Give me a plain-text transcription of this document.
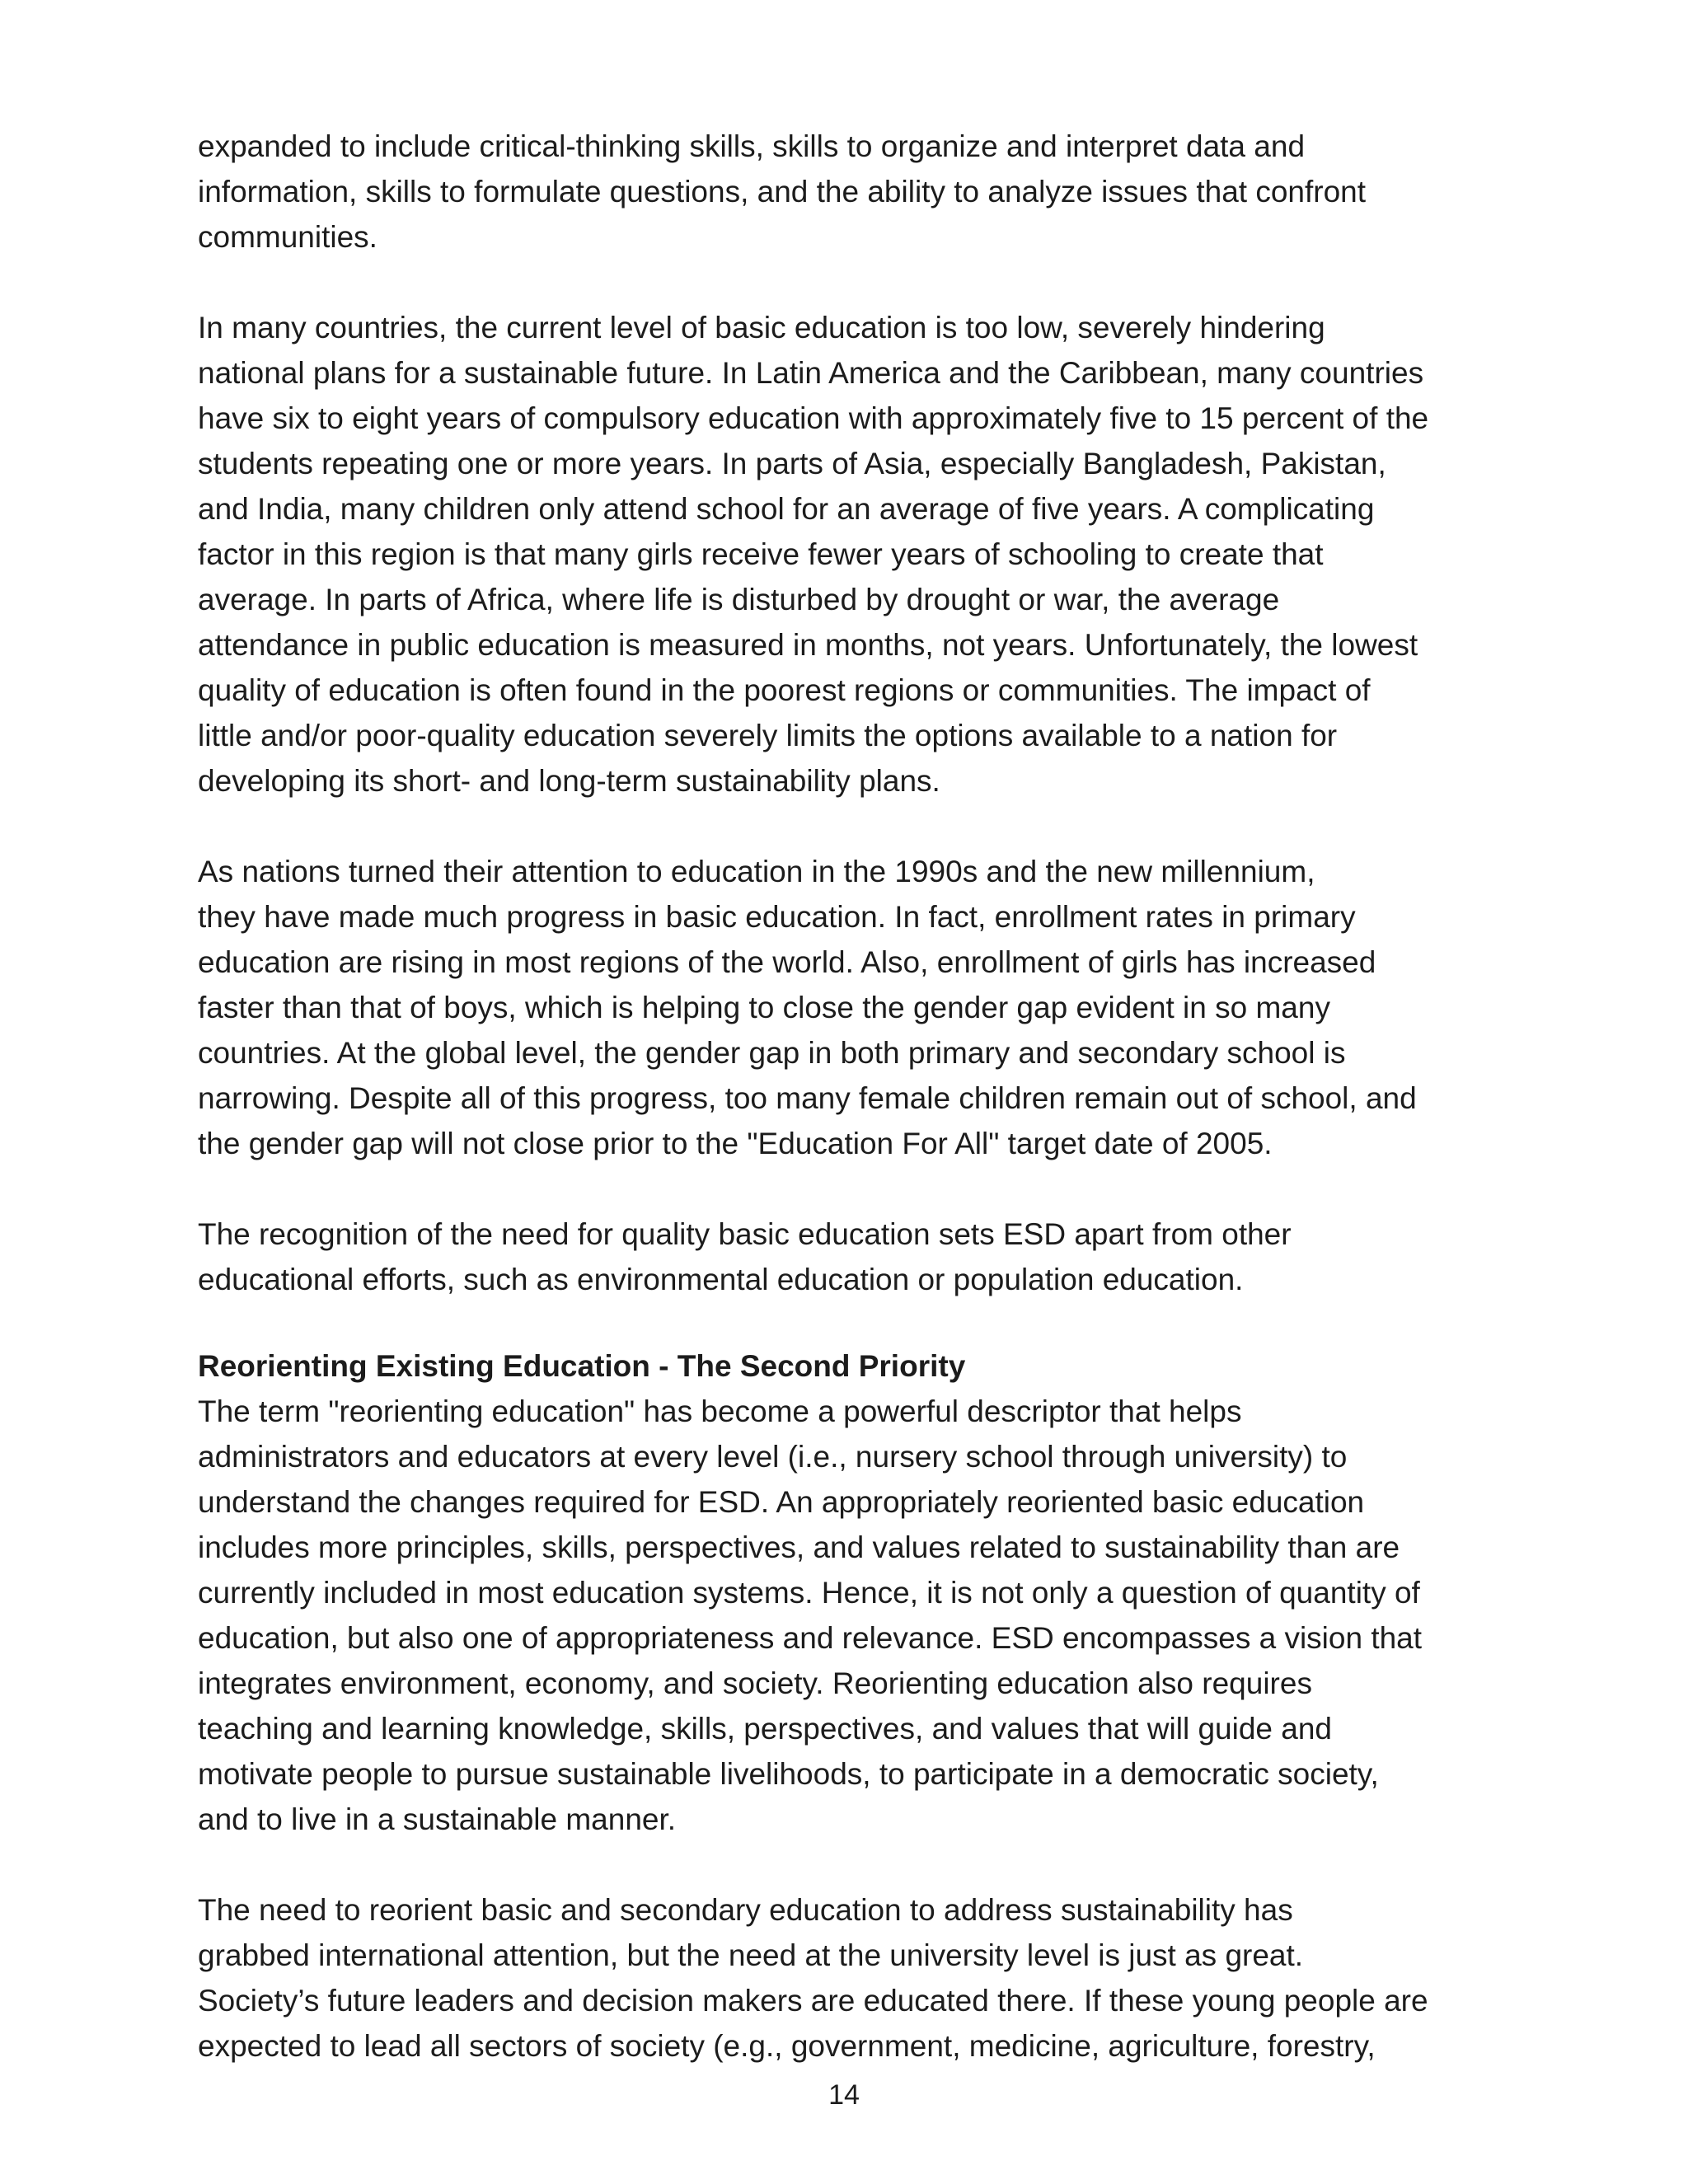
expanded to include critical-thinking skills, skills to organize and interpret data and
information, skills to formulate questions, and the ability to analyze issues that confront
communities.

In many countries, the current level of basic education is too low, severely hindering
national plans for a sustainable future. In Latin America and the Caribbean, many countries
have six to eight years of compulsory education with approximately five to 15 percent of the
students repeating one or more years. In parts of Asia, especially Bangladesh, Pakistan,
and India, many children only attend school for an average of five years. A complicating
factor in this region is that many girls receive fewer years of schooling to create that
average. In parts of Africa, where life is disturbed by drought or war, the average
attendance in public education is measured in months, not years. Unfortunately, the lowest
quality of education is often found in the poorest regions or communities. The impact of
little and/or poor-quality education severely limits the options available to a nation for
developing its short- and long-term sustainability plans.

As nations turned their attention to education in the 1990s and the new millennium,
they have made much progress in basic education. In fact, enrollment rates in primary
education are rising in most regions of the world. Also, enrollment of girls has increased
faster than that of boys, which is helping to close the gender gap evident in so many
countries. At the global level, the gender gap in both primary and secondary school is
narrowing. Despite all of this progress, too many female children remain out of school, and
the gender gap will not close prior to the "Education For All" target date of 2005.

The recognition of the need for quality basic education sets ESD apart from other
educational efforts, such as environmental education or population education.

Reorienting Existing Education - The Second Priority

The term "reorienting education" has become a powerful descriptor that helps
administrators and educators at every level (i.e., nursery school through university) to
understand the changes required for ESD. An appropriately reoriented basic education
includes more principles, skills, perspectives, and values related to sustainability than are
currently included in most education systems. Hence, it is not only a question of quantity of
education, but also one of appropriateness and relevance. ESD encompasses a vision that
integrates environment, economy, and society. Reorienting education also requires
teaching and learning knowledge, skills, perspectives, and values that will guide and
motivate people to pursue sustainable livelihoods, to participate in a democratic society,
and to live in a sustainable manner.

The need to reorient basic and secondary education to address sustainability has
grabbed international attention, but the need at the university level is just as great.
Society’s future leaders and decision makers are educated there. If these young people are
expected to lead all sectors of society (e.g., government, medicine, agriculture, forestry,

14
